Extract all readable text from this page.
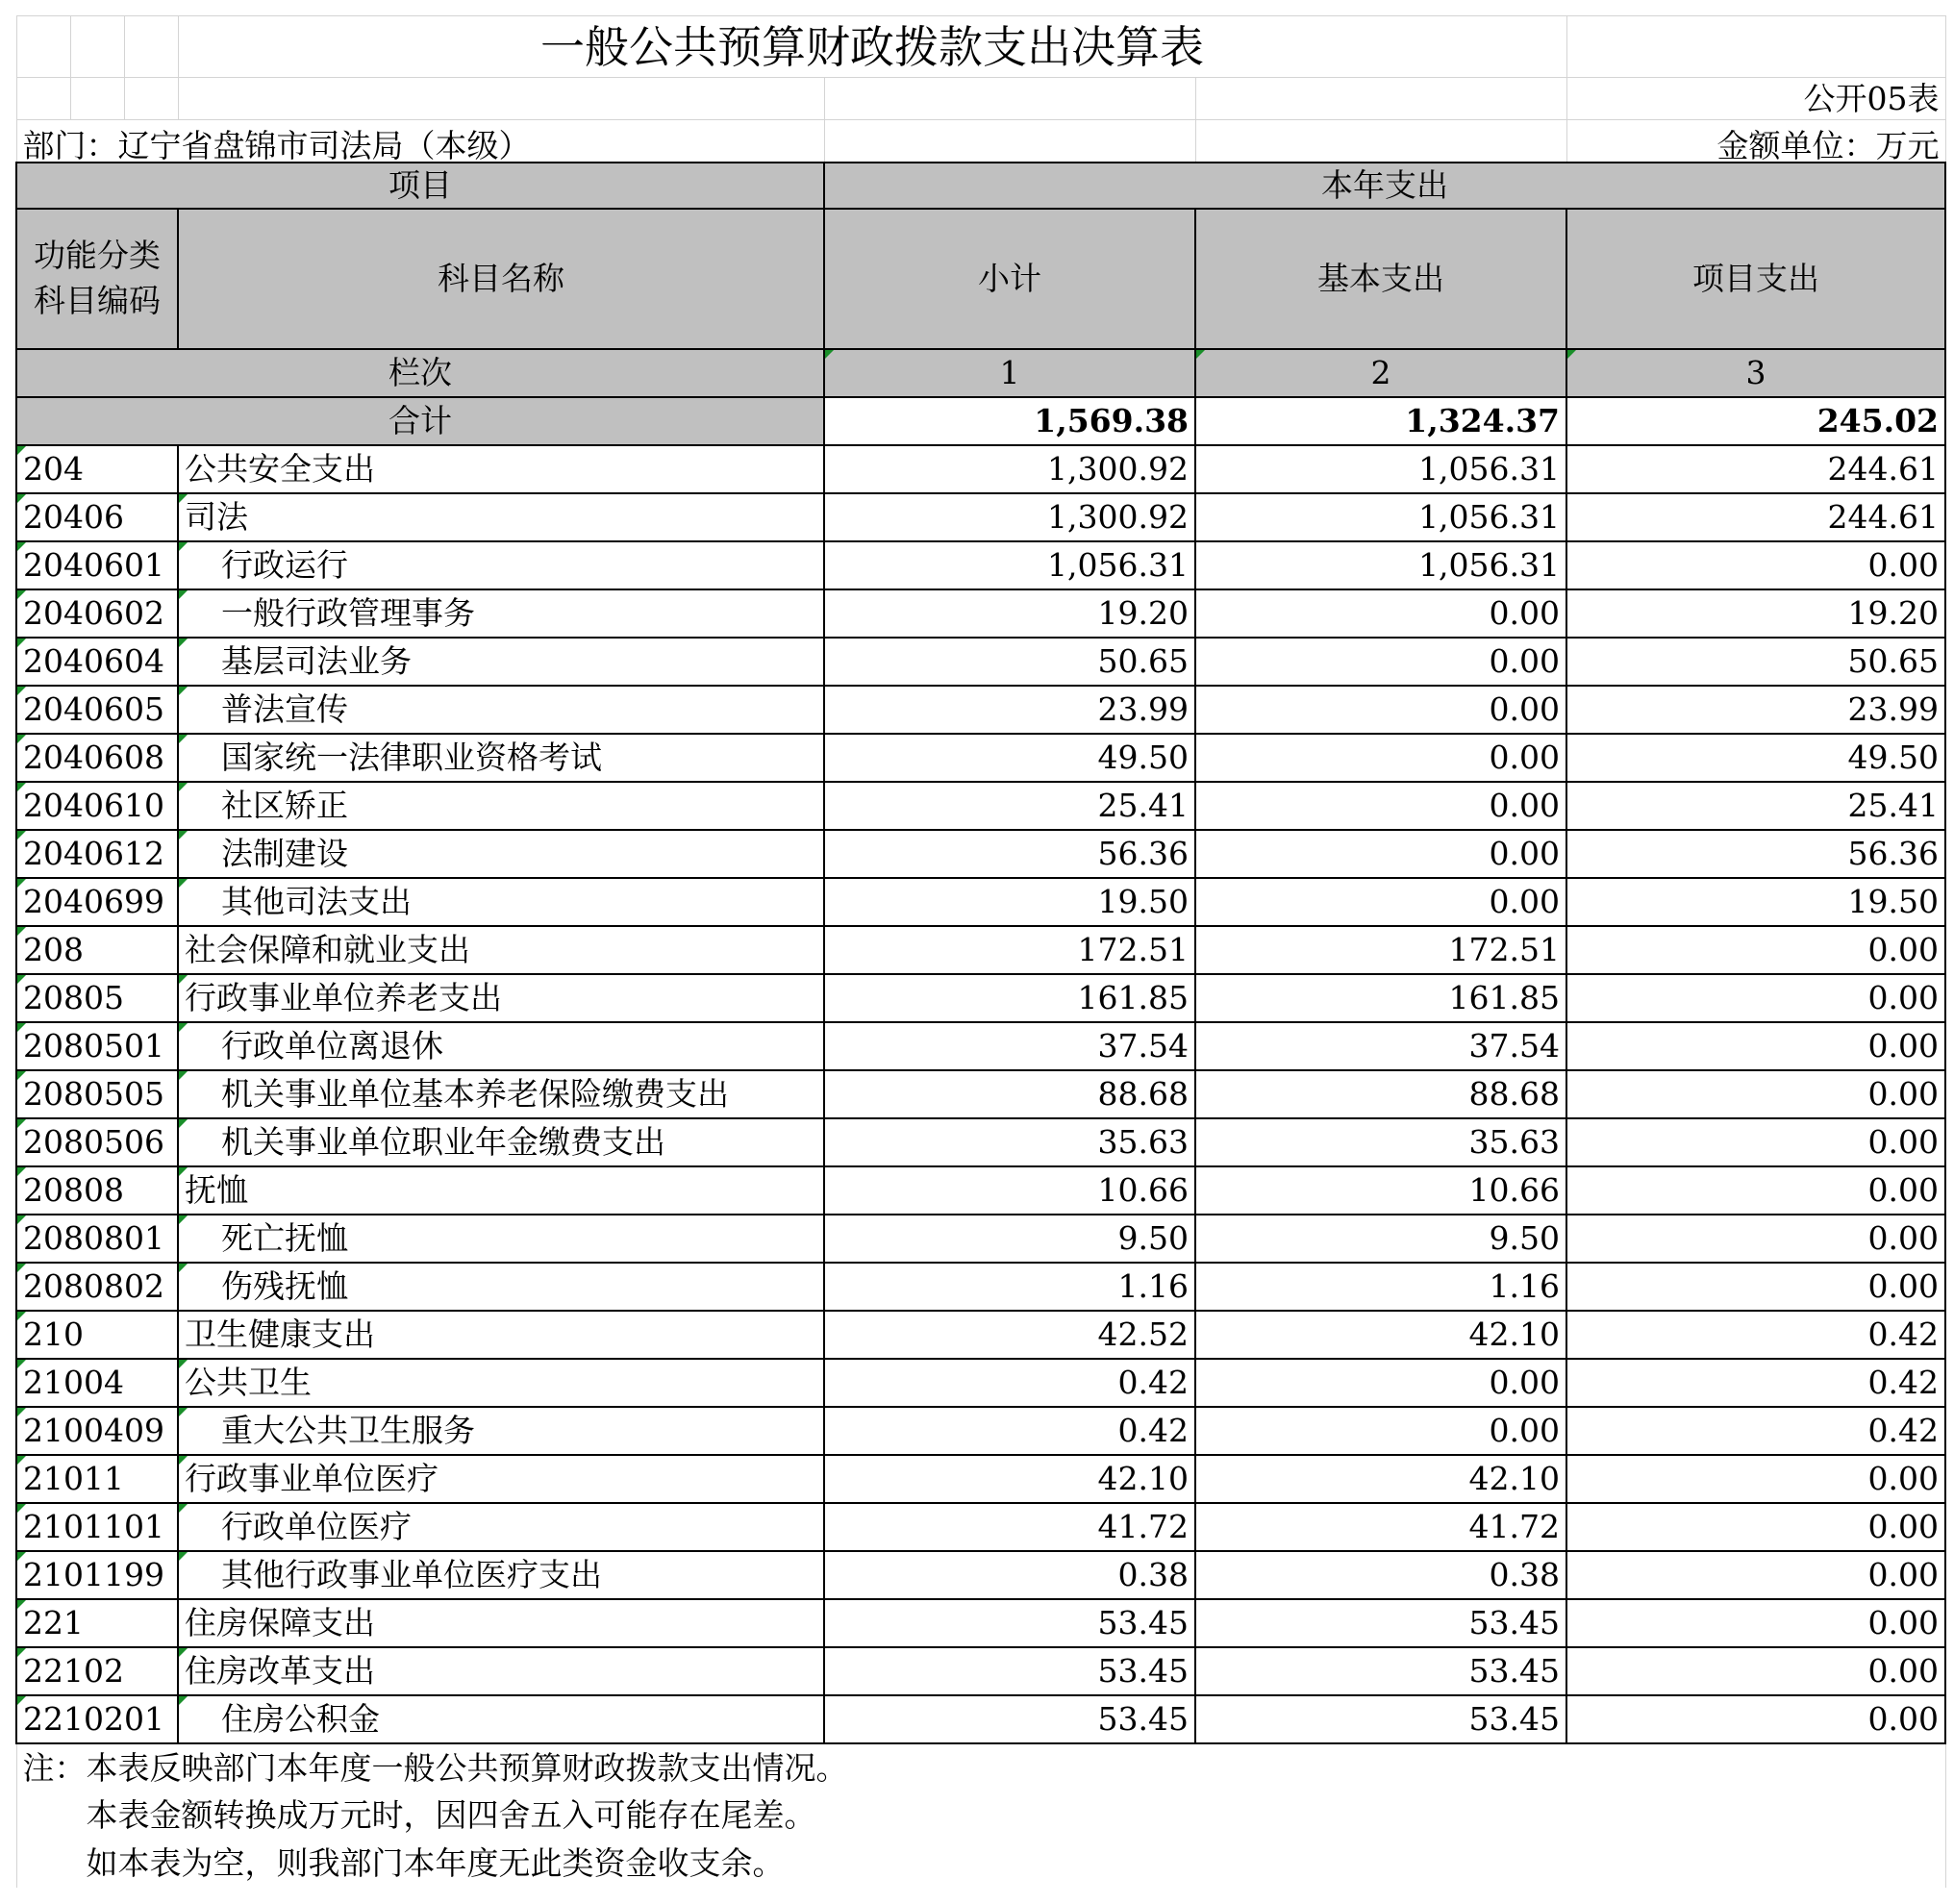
			一般公共预算财政拨款支出决算表			
						公开05表
部门：辽宁省盘锦市司法局（本级）						金额单位：万元
项目				本年支出		
功能分类
科目编码			科目名称	小计	基本支出	项目支出
栏次				1	2	3
合计				1,569.38	1,324.37	245.02
204			公共安全支出	1,300.92	1,056.31	244.61
20406			司法	1,300.92	1,056.31	244.61
2040601			行政运行	1,056.31	1,056.31	0.00
2040602			一般行政管理事务	19.20	0.00	19.20
2040604			基层司法业务	50.65	0.00	50.65
2040605			普法宣传	23.99	0.00	23.99
2040608			国家统一法律职业资格考试	49.50	0.00	49.50
2040610			社区矫正	25.41	0.00	25.41
2040612			法制建设	56.36	0.00	56.36
2040699			其他司法支出	19.50	0.00	19.50
208			社会保障和就业支出	172.51	172.51	0.00
20805			行政事业单位养老支出	161.85	161.85	0.00
2080501			行政单位离退休	37.54	37.54	0.00
2080505			机关事业单位基本养老保险缴费支出	88.68	88.68	0.00
2080506			机关事业单位职业年金缴费支出	35.63	35.63	0.00
20808			抚恤	10.66	10.66	0.00
2080801			死亡抚恤	9.50	9.50	0.00
2080802			伤残抚恤	1.16	1.16	0.00
210			卫生健康支出	42.52	42.10	0.42
21004			公共卫生	0.42	0.00	0.42
2100409			重大公共卫生服务	0.42	0.00	0.42
21011			行政事业单位医疗	42.10	42.10	0.00
2101101			行政单位医疗	41.72	41.72	0.00
2101199			其他行政事业单位医疗支出	0.38	0.38	0.00
221			住房保障支出	53.45	53.45	0.00
22102			住房改革支出	53.45	53.45	0.00
2210201			住房公积金	53.45	53.45	0.00
注：本表反映部门本年度一般公共预算财政拨款支出情况。						
　　本表金额转换成万元时，因四舍五入可能存在尾差。						
　　如本表为空，则我部门本年度无此类资金收支余。						
